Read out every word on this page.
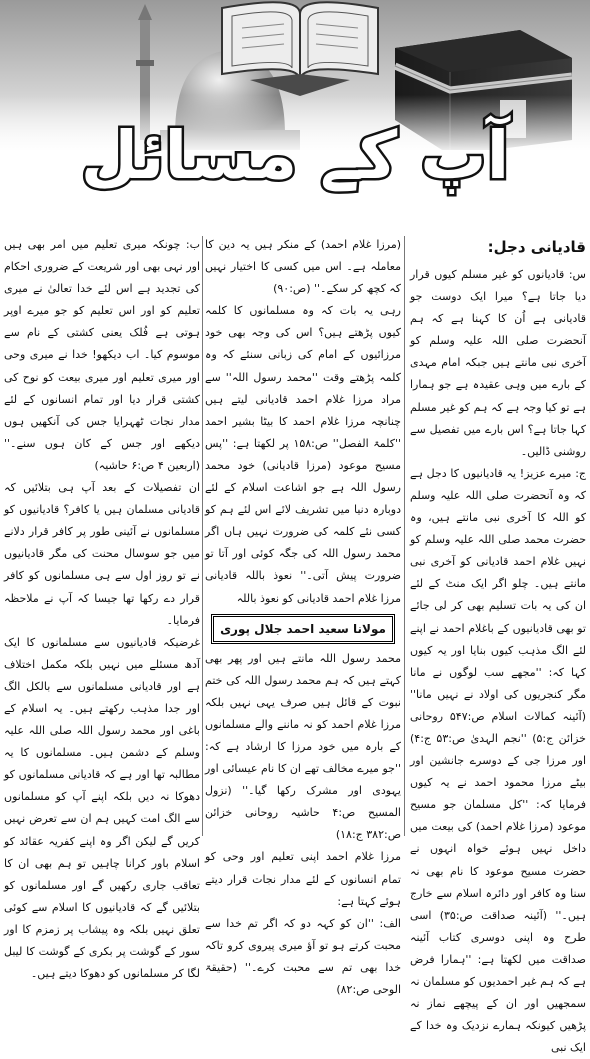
آپ کے مسائل

قادیانی دجل:

س: قادیانوں کو غیر مسلم کیوں قرار دیا جاتا ہے؟ میرا ایک دوست جو قادیانی ہے اُن کا کہنا ہے کہ ہم آنحضرت صلی اللہ علیہ وسلم کو آخری نبی مانتے ہیں جبکہ امام مہدی کے بارے میں وہی عقیدہ ہے جو ہمارا ہے تو کیا وجہ ہے کہ ہم کو غیر مسلم کہا جاتا ہے؟ اس بارے میں تفصیل سے روشنی ڈالیں۔

ج: میرے عزیز! یہ قادیانیوں کا دجل ہے کہ وہ آنحضرت صلی اللہ علیہ وسلم کو اللہ کا آخری نبی مانتے ہیں، وہ حضرت محمد صلی اللہ علیہ وسلم کو نہیں غلام احمد قادیانی کو آخری نبی مانتے ہیں۔ چلو اگر ایک منٹ کے لئے ان کی یہ بات تسلیم بھی کر لی جائے تو بھی قادیانیوں کے باغلام احمد نے اپنے لئے الگ مذہب کیوں بنایا اور یہ کیوں کہا کہ: ''مجھے سب لوگوں نے مانا مگر کنجریوں کی اولاد نے نہیں مانا'' (آئینہ کمالات اسلام ص:۵۴۷ روحانی خزائن ج:۵) ''نجم الہدیٰ ص:۵۳ ج:۴) اور مرزا جی کے دوسرے جانشین اور بیٹے مرزا محمود احمد نے یہ کیوں فرمایا کہ: ''کل مسلمان جو مسیح موعود (مرزا غلام احمد) کی بیعت میں داخل نہیں ہوئے خواہ انہوں نے حضرت مسیح موعود کا نام بھی نہ سنا وہ کافر اور دائرہ اسلام سے خارج ہیں۔'' (آئینہ صداقت ص:۳۵) اسی طرح وہ اپنی دوسری کتاب آئینہ صداقت میں لکھتا ہے: ''ہمارا فرض ہے کہ ہم غیر احمدیوں کو مسلمان نہ سمجھیں اور ان کے پیچھے نماز نہ پڑھیں کیونکہ ہمارے نزدیک وہ خدا کے ایک نبی

(مرزا غلام احمد) کے منکر ہیں یہ دین کا معاملہ ہے۔ اس میں کسی کا اختیار نہیں کہ کچھ کر سکے۔'' (ص:۹۰)

رہی یہ بات کہ وہ مسلمانوں کا کلمہ کیوں پڑھتے ہیں؟ اس کی وجہ بھی خود مرزائیوں کے امام کی زبانی سنئے کہ وہ کلمہ پڑھتے وقت ''محمد رسول اللہ'' سے مراد مرزا غلام احمد قادیانی لیتے ہیں چنانچہ مرزا غلام احمد کا بیٹا بشیر احمد ''کلمۃ الفصل'' ص:۱۵۸ پر لکھتا ہے: ''پس مسیح موعود (مرزا قادیانی) خود محمد رسول اللہ ہے جو اشاعت اسلام کے لئے دوبارہ دنیا میں تشریف لائے اس لئے ہم کو کسی نئے کلمہ کی ضرورت نہیں ہاں اگر محمد رسول اللہ کی جگہ کوئی اور آتا تو ضرورت پیش آتی۔'' نعوذ باللہ قادیانی مرزا غلام احمد قادیانی کو نعوذ باللہ

مولانا سعید احمد جلال پوری

محمد رسول اللہ مانتے ہیں اور پھر بھی کہتے ہیں کہ ہم محمد رسول اللہ کی ختم نبوت کے قائل ہیں صرف یہی نہیں بلکہ مرزا غلام احمد کو نہ ماننے والے مسلمانوں کے بارہ میں خود مرزا کا ارشاد ہے کہ: ''جو میرے مخالف تھے ان کا نام عیسائی اور یہودی اور مشرک رکھا گیا۔'' (نزول المسیح ص:۴ حاشیہ روحانی خزائن ص:۳۸۲ ج:۱۸)

مرزا غلام احمد اپنی تعلیم اور وحی کو تمام انسانوں کے لئے مدار نجات قرار دیتے ہوئے کہتا ہے:

الف: ''ان کو کہہ دو کہ اگر تم خدا سے محبت کرتے ہو تو آؤ میری پیروی کرو تاکہ خدا بھی تم سے محبت کرے۔'' (حقیقۃ الوحی ص:۸۲)

ب: چونکہ میری تعلیم میں امر بھی ہیں اور نہی بھی اور شریعت کے ضروری احکام کی تجدید ہے اس لئے خدا تعالیٰ نے میری تعلیم کو اور اس تعلیم کو جو میرے اوپر ہوتی ہے فُلک یعنی کشتی کے نام سے موسوم کیا۔ اب دیکھو! خدا نے میری وحی اور میری تعلیم اور میری بیعت کو نوح کی کشتی قرار دیا اور تمام انسانوں کے لئے مدار نجات ٹھہرایا جس کی آنکھیں ہوں دیکھے اور جس کے کان ہوں سنے۔'' (اربعین ۴ ص:۶ حاشیہ)

ان تفصیلات کے بعد آپ ہی بتلائیں کہ قادیانی مسلمان ہیں یا کافر؟ قادیانیوں کو مسلمانوں نے آئینی طور پر کافر قرار دلانے میں جو سوسال محنت کی مگر قادیانیوں نے تو روز اول سے ہی مسلمانوں کو کافر قرار دے رکھا تھا جیسا کہ آپ نے ملاحظہ فرمایا۔

غرضیکہ قادیانیوں سے مسلمانوں کا ایک آدھ مسئلے میں نہیں بلکہ مکمل اختلاف ہے اور قادیانی مسلمانوں سے بالکل الگ اور جدا مذہب رکھتے ہیں۔ یہ اسلام کے باغی اور محمد رسول اللہ صلی اللہ علیہ وسلم کے دشمن ہیں۔ مسلمانوں کا یہ مطالبہ تھا اور ہے کہ قادیانی مسلمانوں کو دھوکا نہ دیں بلکہ اپنے آپ کو مسلمانوں سے الگ امت کہیں ہم ان سے تعرض نہیں کریں گے لیکن اگر وہ اپنے کفریہ عقائد کو اسلام باور کرانا چاہیں تو ہم بھی ان کا تعاقب جاری رکھیں گے اور مسلمانوں کو بتلائیں گے کہ قادیانیوں کا اسلام سے کوئی تعلق نہیں بلکہ وہ پیشاب پر زمزم کا اور سور کے گوشت پر بکری کے گوشت کا لیبل لگا کر مسلمانوں کو دھوکا دیتے ہیں۔
